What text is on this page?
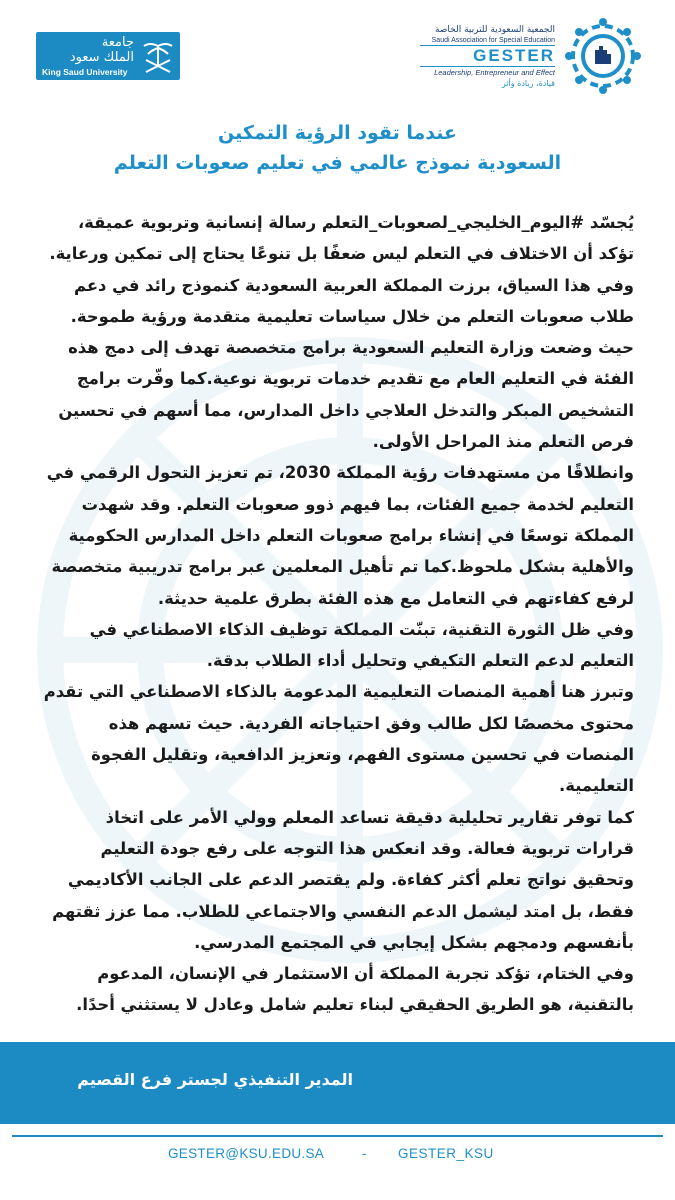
جامعة
الملك سعود
King Saud University
الجمعية السعودية للتربية الخاصة
Saudi Association for Special Education
GESTER
Leadership, Entrepreneur and Effect
قيادة، ريادة وأثر
عندما تقود الرؤية التمكين
السعودية نموذج عالمي في تعليم صعوبات التعلم

يُجسّد #اليوم_الخليجي_لصعوبات_التعلم رسالة إنسانية وتربوية عميقة، تؤكد أن الاختلاف في التعلم ليس ضعفًا بل تنوعًا يحتاج إلى تمكين ورعاية.

وفي هذا السياق، برزت المملكة العربية السعودية كنموذج رائد في دعم طلاب صعوبات التعلم من خلال سياسات تعليمية متقدمة ورؤية طموحة.

حيث وضعت وزارة التعليم السعودية برامج متخصصة تهدف إلى دمج هذه الفئة في التعليم العام مع تقديم خدمات تربوية نوعية.كما وفّرت برامج التشخيص المبكر والتدخل العلاجي داخل المدارس، مما أسهم في تحسين فرص التعلم منذ المراحل الأولى.

وانطلاقًا من مستهدفات رؤية المملكة 2030، تم تعزيز التحول الرقمي في التعليم لخدمة جميع الفئات، بما فيهم ذوو صعوبات التعلم. وقد شهدت المملكة توسعًا في إنشاء برامج صعوبات التعلم داخل المدارس الحكومية والأهلية بشكل ملحوظ.كما تم تأهيل المعلمين عبر برامج تدريبية متخصصة لرفع كفاءتهم في التعامل مع هذه الفئة بطرق علمية حديثة.

وفي ظل الثورة التقنية، تبنّت المملكة توظيف الذكاء الاصطناعي في التعليم لدعم التعلم التكيفي وتحليل أداء الطلاب بدقة.

وتبرز هنا أهمية المنصات التعليمية المدعومة بالذكاء الاصطناعي التي تقدم محتوى مخصصًا لكل طالب وفق احتياجاته الفردية. حيث تسهم هذه المنصات في تحسين مستوى الفهم، وتعزيز الدافعية، وتقليل الفجوة التعليمية.

كما توفر تقارير تحليلية دقيقة تساعد المعلم وولي الأمر على اتخاذ قرارات تربوية فعالة. وقد انعكس هذا التوجه على رفع جودة التعليم وتحقيق نواتج تعلم أكثر كفاءة. ولم يقتصر الدعم على الجانب الأكاديمي فقط، بل امتد ليشمل الدعم النفسي والاجتماعي للطلاب. مما عزز ثقتهم بأنفسهم ودمجهم بشكل إيجابي في المجتمع المدرسي.

وفي الختام، تؤكد تجربة المملكة أن الاستثمار في الإنسان، المدعوم بالتقنية، هو الطريق الحقيقي لبناء تعليم شامل وعادل لا يستثني أحدًا.

المدير التنفيذي لجستر فرع القصيم
GESTER@KSU.EDU.SA	- GESTER_KSU
